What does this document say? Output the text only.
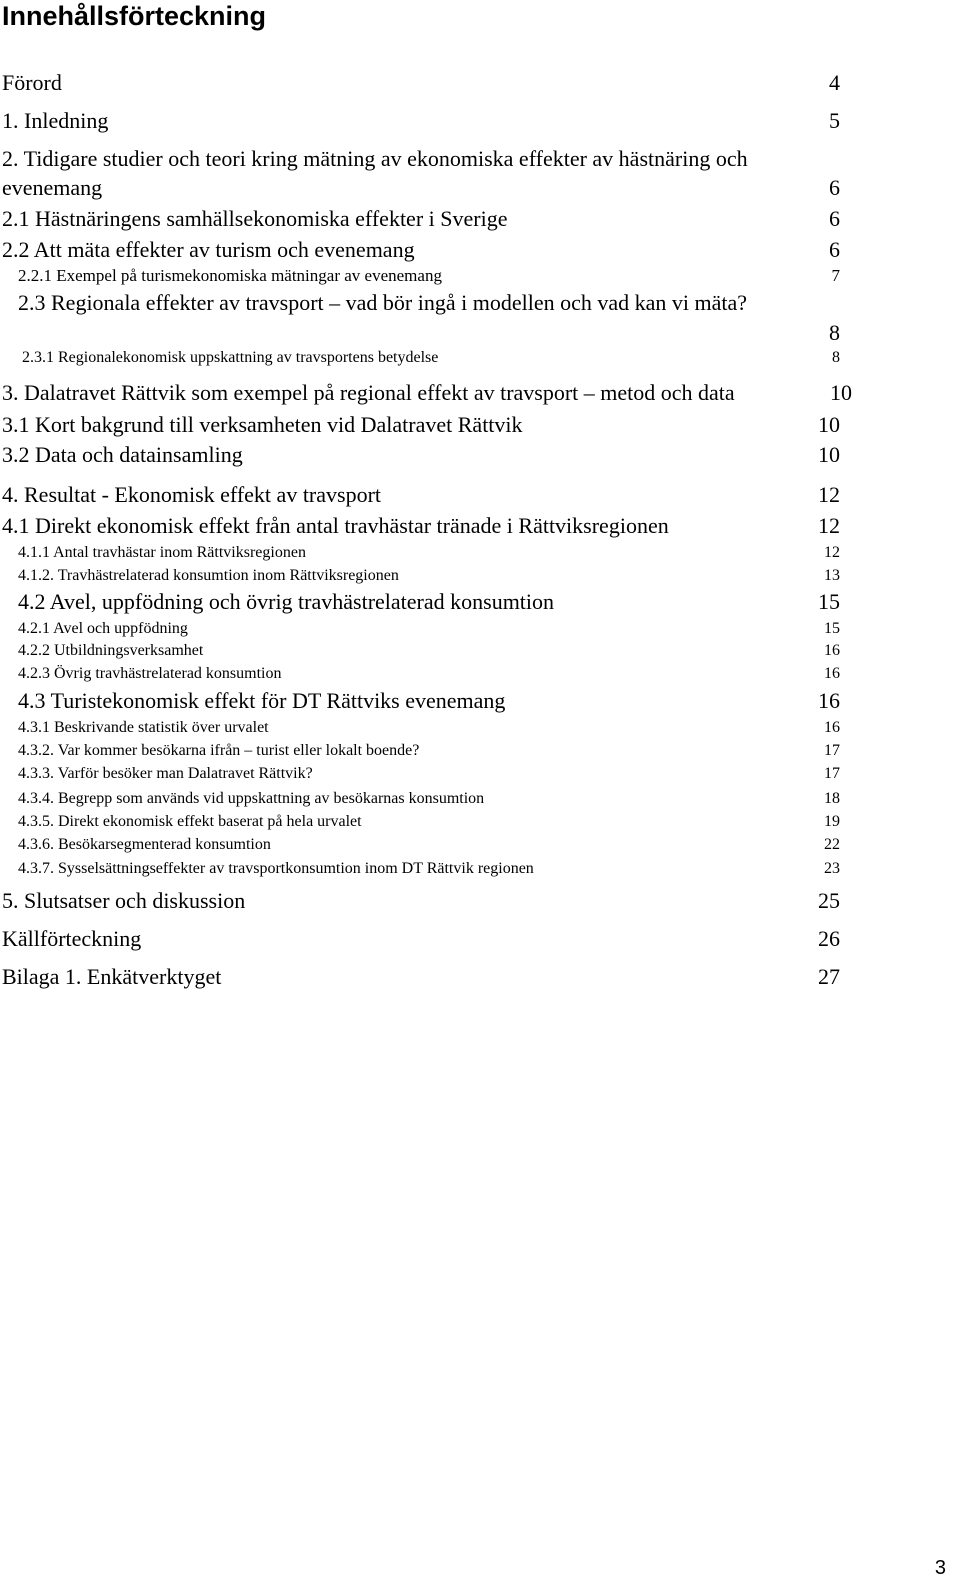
Innehållsförteckning
Förord	4
1. Inledning	5
2. Tidigare studier och teori kring mätning av ekonomiska effekter av hästnäring och
evenemang	6
2.1 Hästnäringens samhällsekonomiska effekter i Sverige	6
2.2 Att mäta effekter av turism och evenemang	6
2.2.1 Exempel på turismekonomiska mätningar av evenemang	7
2.3 Regionala effekter av travsport – vad bör ingå i modellen och vad kan vi mäta?
8
2.3.1 Regionalekonomisk uppskattning av travsportens betydelse	8
3. Dalatravet Rättvik som exempel på regional effekt av travsport – metod och data	10
3.1 Kort bakgrund till verksamheten vid Dalatravet Rättvik	10
3.2 Data och datainsamling	10
4. Resultat - Ekonomisk effekt av travsport	12
4.1 Direkt ekonomisk effekt från antal travhästar tränade i Rättviksregionen	12
4.1.1 Antal travhästar inom Rättviksregionen	12
4.1.2. Travhästrelaterad konsumtion inom Rättviksregionen	13
4.2 Avel, uppfödning och övrig travhästrelaterad konsumtion	15
4.2.1 Avel och uppfödning	15
4.2.2 Utbildningsverksamhet	16
4.2.3 Övrig travhästrelaterad konsumtion	16
4.3 Turistekonomisk effekt för DT Rättviks evenemang	16
4.3.1 Beskrivande statistik över urvalet	16
4.3.2. Var kommer besökarna ifrån – turist eller lokalt boende?	17
4.3.3. Varför besöker man Dalatravet Rättvik?	17
4.3.4. Begrepp som används vid uppskattning av besökarnas konsumtion	18
4.3.5. Direkt ekonomisk effekt baserat på hela urvalet	19
4.3.6. Besökarsegmenterad konsumtion	22
4.3.7. Sysselsättningseffekter av travsportkonsumtion inom DT Rättvik regionen	23
5. Slutsatser och diskussion	25
Källförteckning	26
Bilaga 1. Enkätverktyget	27
3
